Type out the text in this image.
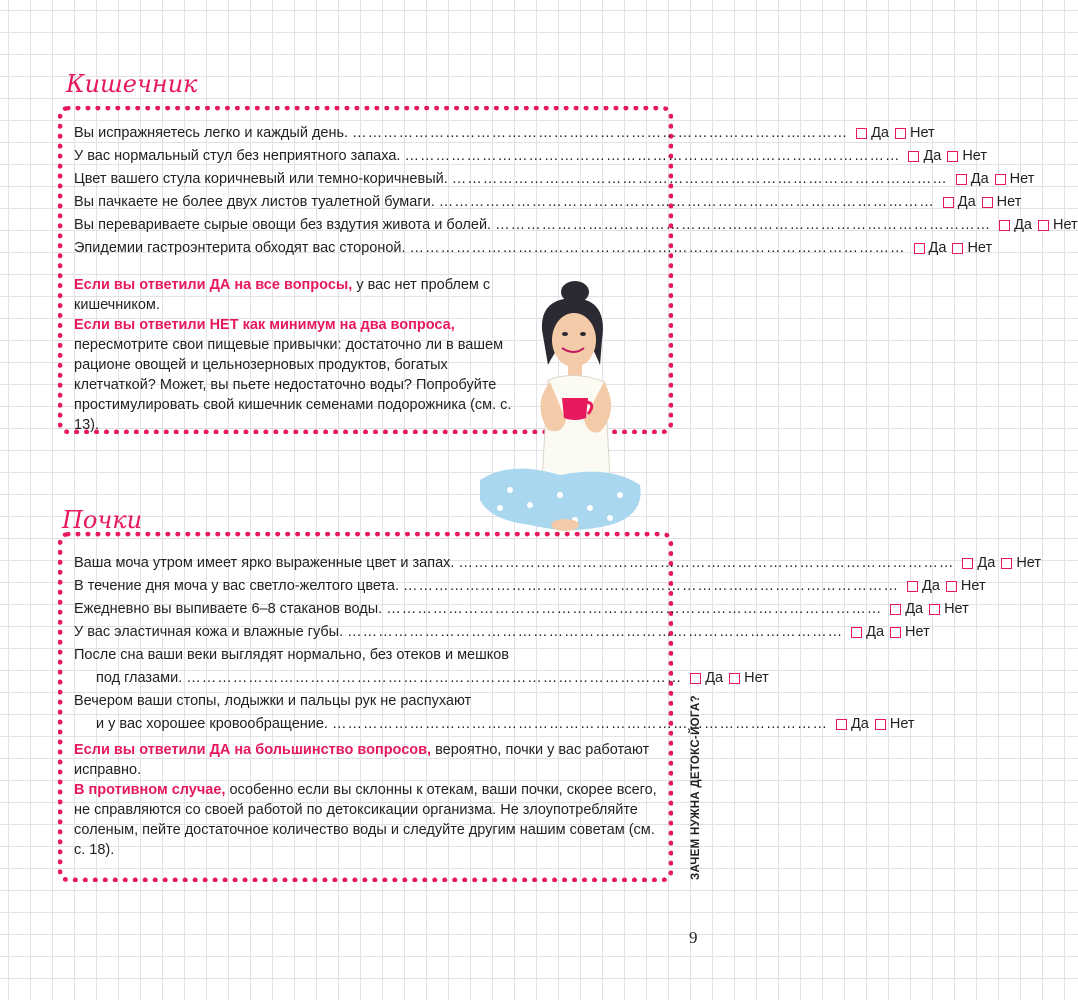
Кишечник
Вы испражняетесь легко и каждый день. …………………………………………………………………………………… Да Нет
У вас нормальный стул без неприятного запаха. …………………………………………………………………………………… Да Нет
Цвет вашего стула коричневый или темно-коричневый. …………………………………………………………………………………… Да Нет
Вы пачкаете не более двух листов туалетной бумаги. …………………………………………………………………………………… Да Нет
Вы переваривaете сырые овощи без вздутия живота и болей. …………………………………………………………………………………… Да Нет
Эпидемии гастроэнтерита обходят вас стороной. …………………………………………………………………………………… Да Нет
Если вы ответили ДА на все вопросы, у вас нет проблем с кишечником.
Если вы ответили НЕТ как минимум на два вопроса, пересмотрите свои пищевые привычки: достаточно ли в вашем рационе овощей и цельнозерновых продуктов, богатых клетчаткой? Может, вы пьете недостаточно воды? Попробуйте простимулировать свой кишечник семенами подорожника (см. с. 13).
Почки
Ваша моча утром имеет ярко выраженные цвет и запах. …………………………………………………………………………………… Да Нет
В течение дня моча у вас светло-желтого цвета. …………………………………………………………………………………… Да Нет
Ежедневно вы выпиваете 6–8 стаканов воды. …………………………………………………………………………………… Да Нет
У вас эластичная кожа и влажные губы. …………………………………………………………………………………… Да Нет
После сна ваши веки выглядят нормально, без отеков и мешков
под глазами. …………………………………………………………………………………… Да Нет
Вечером ваши стопы, лодыжки и пальцы рук не распухают
и у вас хорошее кровообращение. …………………………………………………………………………………… Да Нет
Если вы ответили ДА на большинство вопросов, вероятно, почки у вас работают исправно.
В противном случае, особенно если вы склонны к отекам, ваши почки, скорее всего, не справляются со своей работой по детоксикации организма. Не злоупотребляйте соленым, пейте достаточное количество воды и следуйте другим нашим советам (см. с. 18).	ЗАЧЕМ НУЖНА ДЕТОКС-ЙОГА?
9
